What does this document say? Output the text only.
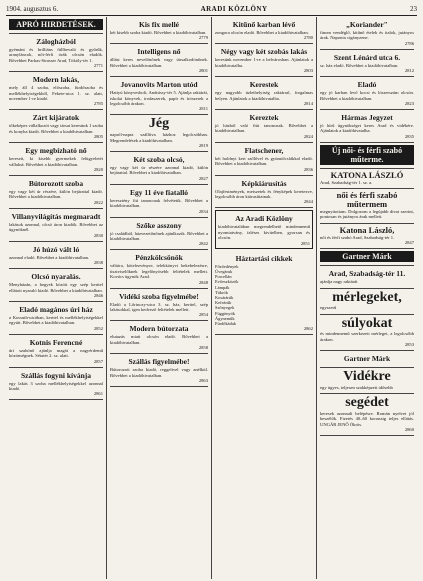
1904. augusztus 6.	ARADI KÖZLÖNY	23
APRÓ HIRDETÉSEK.
Zálogházból

gyémánt és brilliáns füllbevaló és gyűrűk, aranyláncok, női-férfi órák olcsón eladók. Bővebbet Parkas-Strasser Arad, Tököly-tér 1.

2771
Modern lakás,

mely áll 4 szoba, előszoba, fürdőszoba és mellékhelyiségekből, Fekete-utca 1. sz. alatt, november 1-re kiadó.

2785
Zárt kijáratok

tőkeképes vállalkozót vagy társat keresünk 1 szoba és konyha kiadó. Bővebbet a kiadóhivatalban.

2805
Egy megbízható nő

keresett, ki kisebb gyermekek felügyeletét vállalná. Bővebbet a kiadóhivatalban.

2820
Bútorozott szoba

egy vagy két úr részére, külön bejárattal kiadó. Bővebbet a kiadóhivatalban.

2822
Villanyvilágítás megmaradt

lakások azonnal, olcsó áron kiadók. Bővebbet az ügynöknél.

2830
Jó húzó vált ló

azonnal eladó. Bővebbet a kiadóhivatalban.

2838
Olcsó nyaralás.

Menyházán, a hegyek között egy szép kerttel ellátott nyaraló kiadó. Bővebbet a kiadóhivatalban.

2846
Eladó magános úri ház

a Kossuth-utcában, kerttel és mellékhelyiségekkel együtt. Bővebbet a kiadóhivatalban.

2852
Kotnis Ferencné

úri szabónő ajánlja magát a nagyérdemű közönségnek. Sétatér 2. sz. alatt.

2857
Szállás fogyni kívánja

egy lakás 3 szoba mellékhelyiségekkel azonnal kiadó.

2861
Kis fix mellé

két kisebb szoba kiadó. Bővebbet a kiadóhivatalban.

2779
Intelligens nő

állást keres nevelőnőnek vagy társalkodónőnek. Bővebbet a kiadóhivatalban.

2801
Jovanovits Marton utód

Hattyú könyvesbolt, Andrássy-tér 5. Ajánlja raktárát, iskolai könyvek, irodaszerek, papír és írószerek a legolcsóbb árakon.

2811
Jég

napról-napra szállítva házhoz legolcsóbban. Megrendelések a kiadóhivatalban.

2819
Két szoba olcsó,

egy vagy két úr részére azonnal kiadó, külön bejárattal. Bővebbet a kiadóhivatalban.

2827
Egy 11 éve fiatalló

keresztény fiú tanoncnak felvétetik. Bővebbet a kiadóhivatalban.

2834
Szőke asszony

jó családból, házvezetőnőnek ajánlkozik. Bővebbet a kiadóhivatalban.

2842
Pénzkölcsönök

váltóra, kötelezvényre, telekkönyvi bekebelezésre, tisztviselőknek legelőnyösebb feltételek mellett. Kovács ügynök Arad.

2848
Vidéki szoba figyelmébe!

Eladó a Lőrinczy-utca 3. sz. ház, kerttel, szép lakásokkal, igen kedvező feltételek mellett.

2854
Modern bútorzata

elutazás miatt olcsón eladó. Bővebbet a kiadóhivatalban.

2858
Szállás figyelmébe!

Bútorozott szoba kiadó, reggelivel vagy anélkül. Bővebbet a kiadóhivatalban.

2863
Kitűnő karban lévő

zongora olcsón eladó. Bővebbet a kiadóhivatalban.

2780
Négy vagy két szobás lakás

keresünk november 1-re a belvárosban. Ajánlatok a kiadóhivatalba.

2803
Kerestek

egy nagyobb üzlethelyiség raktárral, forgalmas helyen. Ajánlatok a kiadóhivatalba.

2814
Kereztek

jó házból való fiút tanoncnak. Bővebbet a kiadóhivatalban.

2824
Flatschener,

két holdnyi kert szőlővel és gyümölcsfákkal eladó. Bővebbet a kiadóhivatalban.

2836
Képkiárusítás

Olajfestmények, metszetek és fényképek keretezve, legolcsóbb áron kiárusíttatnak.

2844
Az Aradi Közlöny

kiadóhivatalában megrendelhető mindennemű nyomtatvány, ízléses kivitelben, gyorsan és olcsón.

2851
Háztartási cikkek

Főzőedények

Üvegáruk

Porcellán

Evőeszközök

Lámpák

Tükrök

Kosárárúk

Kefeárúk

Szőnyegek

Függönyök

Ágyneműk

Fürdőkádak

2862
„Koriander"

finom vendéglő, kitűnő ételek és italok, jutányos árak. Naponta cigányzene.

2786
Szent Lénárd utca 6.

sz. ház eladó. Bővebbet a kiadóhivatalban.

2812
Eladó

egy jó karban levő kocsi és lószerszám olcsón. Bővebbet a kiadóhivatalban.

2823
Hármas Jegyzet

jó hírű ügynökséget keres Arad és vidékére. Ajánlatok a kiadóhivatalba.

2835
Új női- és férfi szabó műterme.
KATONA LÁSZLÓ

Arad, Szabadság-tér 1. sz. a.

női és férfi szabó műtermem

megnyitottam. Dolgozom a legújabb divat szerint, pontosan és jutányos árak mellett.

Katona László,

női és férfi szabó Arad, Szabadság-tér 1.

2847
Gartner Márk
Arad, Szabadság-tér 11.

ajánlja nagy raktárát

mérlegeket,

egyszerű

súlyokat

és mindennemű szerkezeti mérleget, a legolcsóbb árakon.

2853
Gartner Márk
Vidékre

egy ügyes, teljesen szakképzett idősebb

segédet

keresek azonnali belépésre. Román nyelvet jól beszélők. Fizetés 40–60 koronaig teljes ellátás. UNGÁR JENŐ Ökrös.

2860
